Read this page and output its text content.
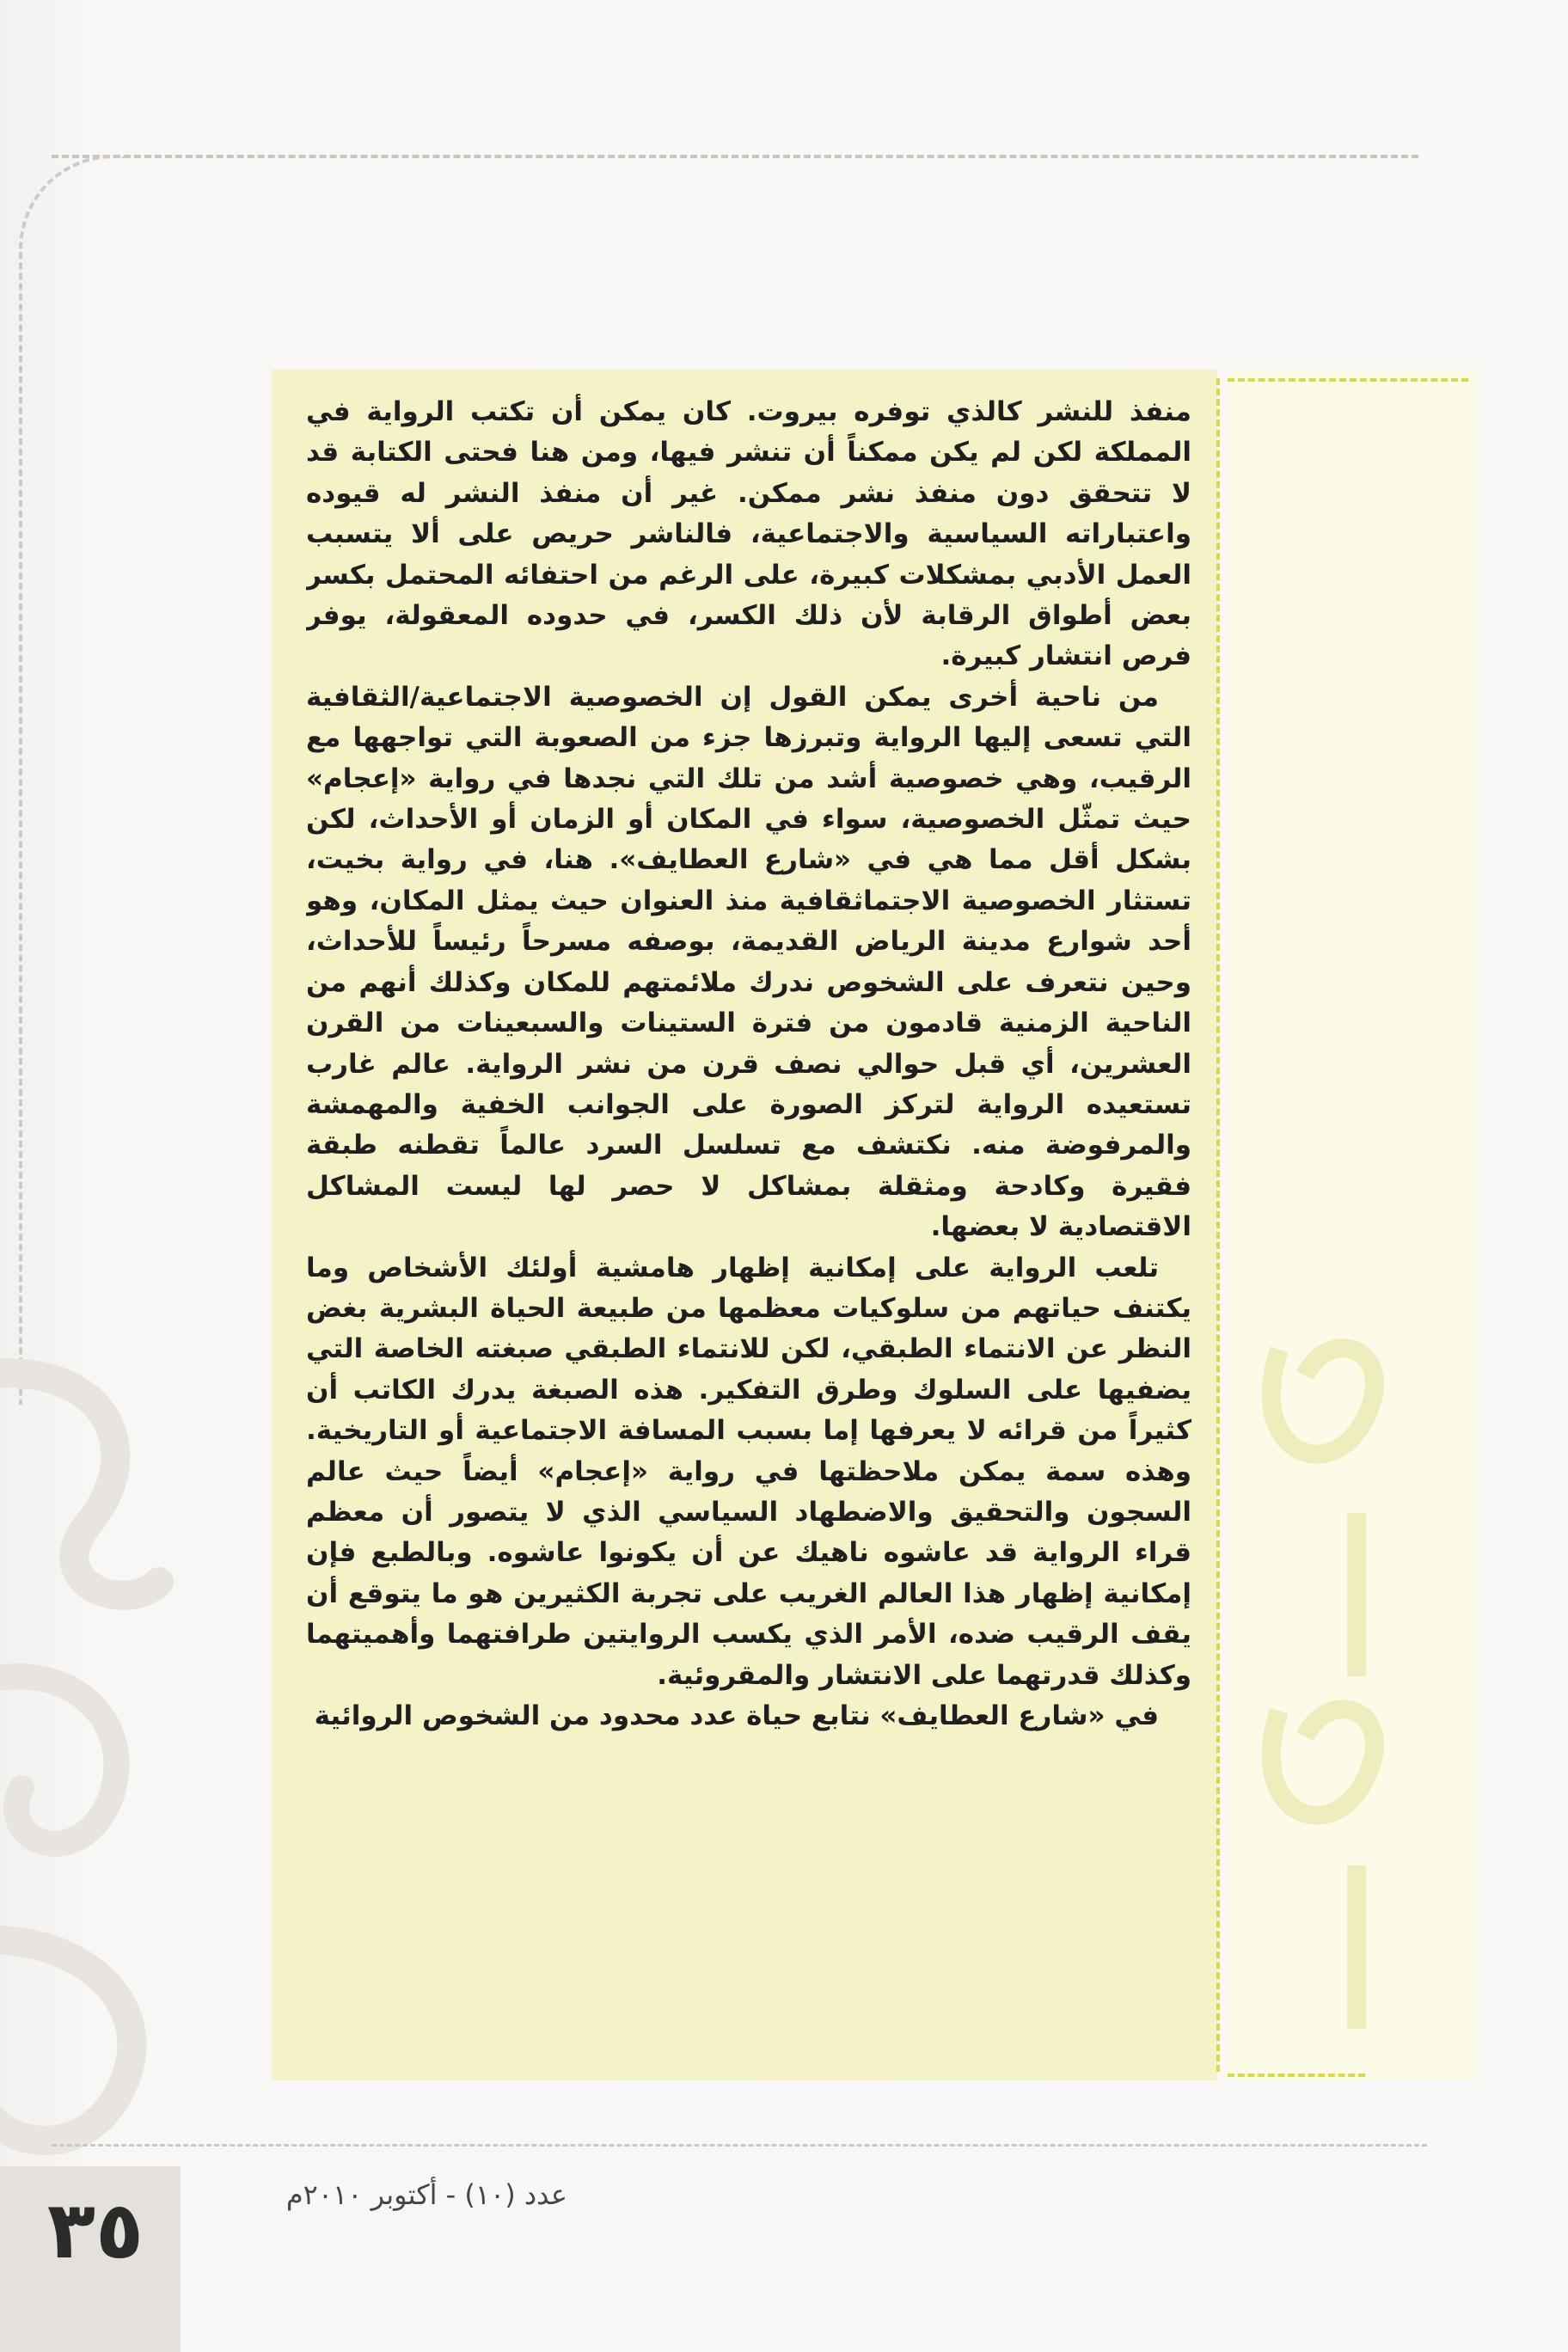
منفذ للنشر كالذي توفره بيروت. كان يمكن أن تكتب الرواية في المملكة لكن لم يكن ممكناً أن تنشر فيها، ومن هنا فحتى الكتابة قد لا تتحقق دون منفذ نشر ممكن. غير أن منفذ النشر له قيوده واعتباراته السياسية والاجتماعية، فالناشر حريص على ألا يتسبب العمل الأدبي بمشكلات كبيرة، على الرغم من احتفائه المحتمل بكسر بعض أطواق الرقابة لأن ذلك الكسر، في حدوده المعقولة، يوفر فرص انتشار كبيرة.

من ناحية أخرى يمكن القول إن الخصوصية الاجتماعية/الثقافية التي تسعى إليها الرواية وتبرزها جزء من الصعوبة التي تواجهها مع الرقيب، وهي خصوصية أشد من تلك التي نجدها في رواية «إعجام» حيث تمثّل الخصوصية، سواء في المكان أو الزمان أو الأحداث، لكن بشكل أقل مما هي في «شارع العطايف». هنا، في رواية بخيت، تستثار الخصوصية الاجتماثقافية منذ العنوان حيث يمثل المكان، وهو أحد شوارع مدينة الرياض القديمة، بوصفه مسرحاً رئيساً للأحداث، وحين نتعرف على الشخوص ندرك ملائمتهم للمكان وكذلك أنهم من الناحية الزمنية قادمون من فترة الستينات والسبعينات من القرن العشرين، أي قبل حوالي نصف قرن من نشر الرواية. عالم غارب تستعيده الرواية لتركز الصورة على الجوانب الخفية والمهمشة والمرفوضة منه. نكتشف مع تسلسل السرد عالماً تقطنه طبقة فقيرة وكادحة ومثقلة بمشاكل لا حصر لها ليست المشاكل الاقتصادية لا بعضها.

تلعب الرواية على إمكانية إظهار هامشية أولئك الأشخاص وما يكتنف حياتهم من سلوكيات معظمها من طبيعة الحياة البشرية بغض النظر عن الانتماء الطبقي، لكن للانتماء الطبقي صبغته الخاصة التي يضفيها على السلوك وطرق التفكير. هذه الصبغة يدرك الكاتب أن كثيراً من قرائه لا يعرفها إما بسبب المسافة الاجتماعية أو التاريخية. وهذه سمة يمكن ملاحظتها في رواية «إعجام» أيضاً حيث عالم السجون والتحقيق والاضطهاد السياسي الذي لا يتصور أن معظم قراء الرواية قد عاشوه ناهيك عن أن يكونوا عاشوه. وبالطبع فإن إمكانية إظهار هذا العالم الغريب على تجربة الكثيرين هو ما يتوقع أن يقف الرقيب ضده، الأمر الذي يكسب الروايتين طرافتهما وأهميتهما وكذلك قدرتهما على الانتشار والمقروئية.

في «شارع العطايف» نتابع حياة عدد محدود من الشخوص الروائية

٣٥	عدد (١٠) - أكتوبر ٢٠١٠م
